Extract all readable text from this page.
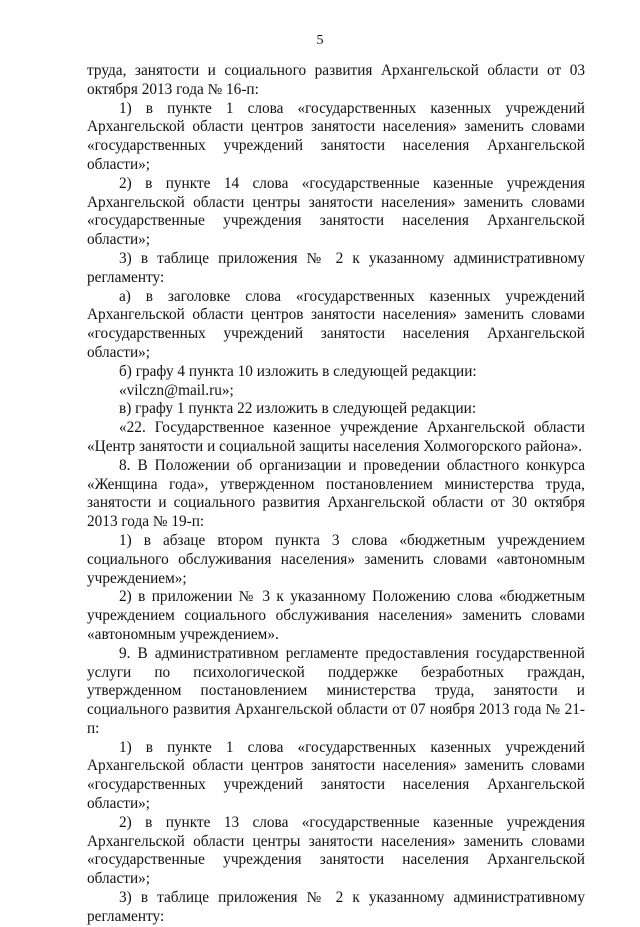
5

труда, занятости и социального развития Архангельской области от 03 октября 2013 года № 16-п:

1) в пункте 1 слова «государственных казенных учреждений Архангельской области центров занятости населения» заменить словами «государственных учреждений занятости населения Архангельской области»;

2) в пункте 14 слова «государственные казенные учреждения Архангельской области центры занятости населения» заменить словами «государственные учреждения занятости населения Архангельской области»;

3) в таблице приложения № 2 к указанному административному регламенту:

а) в заголовке слова «государственных казенных учреждений Архангельской области центров занятости населения» заменить словами «государственных учреждений занятости населения Архангельской области»;

б) графу 4 пункта 10 изложить в следующей редакции:

«vilczn@mail.ru»;

в) графу 1 пункта 22 изложить в следующей редакции:

«22. Государственное казенное учреждение Архангельской области «Центр занятости и социальной защиты населения Холмогорского района».

8. В Положении об организации и проведении областного конкурса «Женщина года», утвержденном постановлением министерства труда, занятости и социального развития Архангельской области от 30 октября 2013 года № 19-п:

1) в абзаце втором пункта 3 слова «бюджетным учреждением социального обслуживания населения» заменить словами «автономным учреждением»;

2) в приложении № 3 к указанному Положению слова «бюджетным учреждением социального обслуживания населения» заменить словами «автономным учреждением».

9. В административном регламенте предоставления государственной услуги по психологической поддержке безработных граждан, утвержденном постановлением министерства труда, занятости и социального развития Архангельской области от 07 ноября 2013 года № 21-п:

1) в пункте 1 слова «государственных казенных учреждений Архангельской области центров занятости населения» заменить словами «государственных учреждений занятости населения Архангельской области»;

2) в пункте 13 слова «государственные казенные учреждения Архангельской области центры занятости населения» заменить словами «государственные учреждения занятости населения Архангельской области»;

3) в таблице приложения № 2 к указанному административному регламенту:
